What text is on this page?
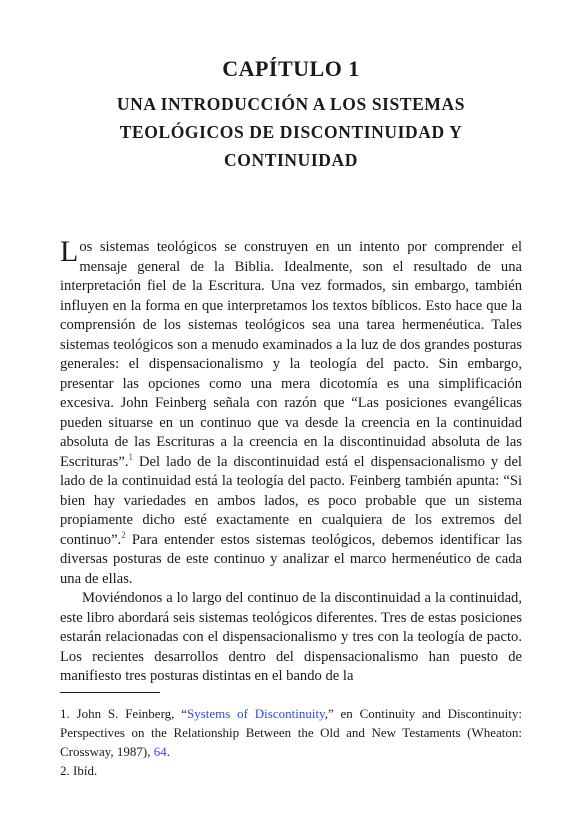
CAPÍTULO 1
UNA INTRODUCCIÓN A LOS SISTEMAS
TEOLÓGICOS DE DISCONTINUIDAD Y
CONTINUIDAD

Los sistemas teológicos se construyen en un intento por comprender el mensaje general de la Biblia. Idealmente, son el resultado de una interpretación fiel de la Escritura. Una vez formados, sin embargo, también influyen en la forma en que interpretamos los textos bíblicos. Esto hace que la comprensión de los sistemas teológicos sea una tarea hermenéutica. Tales sistemas teológicos son a menudo examinados a la luz de dos grandes posturas generales: el dispensacionalismo y la teología del pacto. Sin embargo, presentar las opciones como una mera dicotomía es una simplificación excesiva. John Feinberg señala con razón que “Las posiciones evangélicas pueden situarse en un continuo que va desde la creencia en la continuidad absoluta de las Escrituras a la creencia en la discontinuidad absoluta de las Escrituras”.$^1$ Del lado de la discontinuidad está el dispensacionalismo y del lado de la continuidad está la teología del pacto. Feinberg también apunta: “Si bien hay variedades en ambos lados, es poco probable que un sistema propiamente dicho esté exactamente en cualquiera de los extremos del continuo”.$^2$ Para entender estos sistemas teológicos, debemos identificar las diversas posturas de este continuo y analizar el marco hermenéutico de cada una de ellas.

Moviéndonos a lo largo del continuo de la discontinuidad a la continuidad, este libro abordará seis sistemas teológicos diferentes. Tres de estas posiciones estarán relacionadas con el dispensacionalismo y tres con la teología de pacto. Los recientes desarrollos dentro del dispensacionalismo han puesto de manifiesto tres posturas distintas en el bando de la

1. John S. Feinberg, “Systems of Discontinuity,” en Continuity and Discontinuity: Perspectives on the Relationship Between the Old and New Testaments (Wheaton: Crossway, 1987), 64.

2. Ibíd.
